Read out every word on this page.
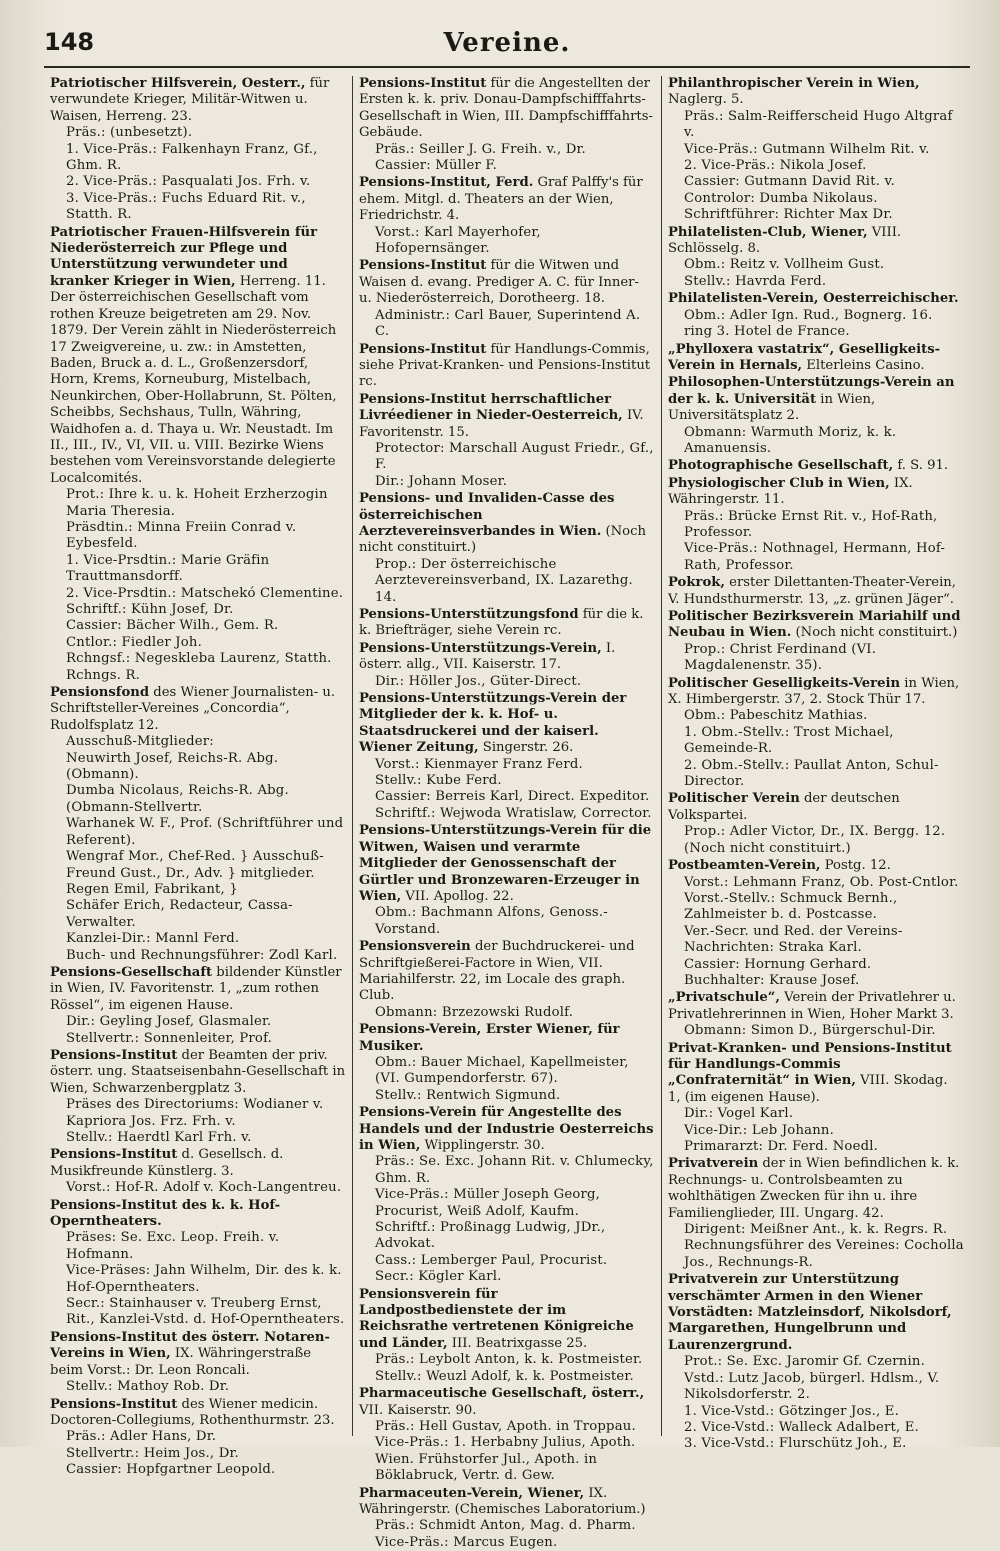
148	Vereine.
Patriotischer Hilfsverein, Oesterr., für verwundete Krieger, Militär-Witwen u. Waisen, Herreng. 23.
Präs.: (unbesetzt).
1. Vice-Präs.: Falkenhayn Franz, Gf., Ghm. R.
2. Vice-Präs.: Pasqualati Jos. Frh. v.
3. Vice-Präs.: Fuchs Eduard Rit. v., Statth. R.
Patriotischer Frauen-Hilfsverein für Niederösterreich zur Pflege und Unterstützung verwundeter und kranker Krieger in Wien, Herreng. 11. Der österreichischen Gesellschaft vom rothen Kreuze beigetreten am 29. Nov. 1879. Der Verein zählt in Niederösterreich 17 Zweigvereine, u. zw.: in Amstetten, Baden, Bruck a. d. L., Großenzersdorf, Horn, Krems, Korneuburg, Mistelbach, Neunkirchen, Ober-Hollabrunn, St. Pölten, Scheibbs, Sechshaus, Tulln, Währing, Waidhofen a. d. Thaya u. Wr. Neustadt. Im II., III., IV., VI, VII. u. VIII. Bezirke Wiens bestehen vom Vereinsvorstande delegierte Localcomités.
Prot.: Ihre k. u. k. Hoheit Erzherzogin Maria Theresia.
Präsdtin.: Minna Freiin Conrad v. Eybesfeld.
1. Vice-Prsdtin.: Marie Gräfin Trauttmansdorff.
2. Vice-Prsdtin.: Matschekó Clementine.
Schriftf.: Kühn Josef, Dr.
Cassier: Bächer Wilh., Gem. R.
Cntlor.: Fiedler Joh.
Rchngsf.: Negeskleba Laurenz, Statth. Rchngs. R.
Pensionsfond des Wiener Journalisten- u. Schriftsteller-Vereines „Concordia“, Rudolfsplatz 12.
Ausschuß-Mitglieder:
Neuwirth Josef, Reichs-R. Abg. (Obmann).
Dumba Nicolaus, Reichs-R. Abg. (Obmann-Stellvertr.
Warhanek W. F., Prof. (Schriftführer und Referent).
Wengraf Mor., Chef-Red. } Ausschuß-
Freund Gust., Dr., Adv. } mitglieder.
Regen Emil, Fabrikant, }
Schäfer Erich, Redacteur, Cassa-Verwalter.
Kanzlei-Dir.: Mannl Ferd.
Buch- und Rechnungsführer: Zodl Karl.
Pensions-Gesellschaft bildender Künstler in Wien, IV. Favoritenstr. 1, „zum rothen Rössel“, im eigenen Hause.
Dir.: Geyling Josef, Glasmaler.
Stellvertr.: Sonnenleiter, Prof.
Pensions-Institut der Beamten der priv. österr. ung. Staatseisenbahn-Gesellschaft in Wien, Schwarzenbergplatz 3.
Präses des Directoriums: Wodianer v. Kapriora Jos. Frz. Frh. v.
Stellv.: Haerdtl Karl Frh. v.
Pensions-Institut d. Gesellsch. d. Musikfreunde Künstlerg. 3.
Vorst.: Hof-R. Adolf v. Koch-Langentreu.
Pensions-Institut des k. k. Hof-Operntheaters.
Präses: Se. Exc. Leop. Freih. v. Hofmann.
Vice-Präses: Jahn Wilhelm, Dir. des k. k. Hof-Operntheaters.
Secr.: Stainhauser v. Treuberg Ernst, Rit., Kanzlei-Vstd. d. Hof-Operntheaters.
Pensions-Institut des österr. Notaren-Vereins in Wien, IX. Währingerstraße beim Vorst.: Dr. Leon Roncali.
Stellv.: Mathoy Rob. Dr.
Pensions-Institut des Wiener medicin. Doctoren-Collegiums, Rothenthurmstr. 23.
Präs.: Adler Hans, Dr.
Stellvertr.: Heim Jos., Dr.
Cassier: Hopfgartner Leopold.
Pensions-Institut für die Angestellten der Ersten k. k. priv. Donau-Dampfschifffahrts-Gesellschaft in Wien, III. Dampfschifffahrts-Gebäude.
Präs.: Seiller J. G. Freih. v., Dr.
Cassier: Müller F.
Pensions-Institut, Ferd. Graf Palffy's für ehem. Mitgl. d. Theaters an der Wien, Friedrichstr. 4.
Vorst.: Karl Mayerhofer, Hofopernsänger.
Pensions-Institut für die Witwen und Waisen d. evang. Prediger A. C. für Inner- u. Niederösterreich, Dorotheerg. 18.
Administr.: Carl Bauer, Superintend A. C.
Pensions-Institut für Handlungs-Commis, siehe Privat-Kranken- und Pensions-Institut rc.
Pensions-Institut herrschaftlicher Livréediener in Nieder-Oesterreich, IV. Favoritenstr. 15.
Protector: Marschall August Friedr., Gf., F.
Dir.: Johann Moser.
Pensions- und Invaliden-Casse des österreichischen Aerztevereinsverbandes in Wien. (Noch nicht constituirt.)
Prop.: Der österreichische Aerztevereinsverband, IX. Lazarethg. 14.
Pensions-Unterstützungsfond für die k. k. Briefträger, siehe Verein rc.
Pensions-Unterstützungs-Verein, I. österr. allg., VII. Kaiserstr. 17.
Dir.: Höller Jos., Güter-Direct.
Pensions-Unterstützungs-Verein der Mitglieder der k. k. Hof- u. Staatsdruckerei und der kaiserl. Wiener Zeitung, Singerstr. 26.
Vorst.: Kienmayer Franz Ferd.
Stellv.: Kube Ferd.
Cassier: Berreis Karl, Direct. Expeditor.
Schriftf.: Wejwoda Wratislaw, Corrector.
Pensions-Unterstützungs-Verein für die Witwen, Waisen und verarmte Mitglieder der Genossenschaft der Gürtler und Bronzewaren-Erzeuger in Wien, VII. Apollog. 22.
Obm.: Bachmann Alfons, Genoss.-Vorstand.
Pensionsverein der Buchdruckerei- und Schriftgießerei-Factore in Wien, VII. Mariahilferstr. 22, im Locale des graph. Club.
Obmann: Brzezowski Rudolf.
Pensions-Verein, Erster Wiener, für Musiker.
Obm.: Bauer Michael, Kapellmeister, (VI. Gumpendorferstr. 67).
Stellv.: Rentwich Sigmund.
Pensions-Verein für Angestellte des Handels und der Industrie Oesterreichs in Wien, Wipplingerstr. 30.
Präs.: Se. Exc. Johann Rit. v. Chlumecky, Ghm. R.
Vice-Präs.: Müller Joseph Georg, Procurist, Weiß Adolf, Kaufm.
Schriftf.: Proßinagg Ludwig, JDr., Advokat.
Cass.: Lemberger Paul, Procurist.
Secr.: Kögler Karl.
Pensionsverein für Landpostbedienstete der im Reichsrathe vertretenen Königreiche und Länder, III. Beatrixgasse 25.
Präs.: Leybolt Anton, k. k. Postmeister.
Stellv.: Weuzl Adolf, k. k. Postmeister.
Pharmaceutische Gesellschaft, österr., VII. Kaiserstr. 90.
Präs.: Hell Gustav, Apoth. in Troppau.
Vice-Präs.: 1. Herbabny Julius, Apoth. Wien. Frühstorfer Jul., Apoth. in Böklabruck, Vertr. d. Gew.
Pharmaceuten-Verein, Wiener, IX. Währingerstr. (Chemisches Laboratorium.)
Präs.: Schmidt Anton, Mag. d. Pharm.
Vice-Präs.: Marcus Eugen.
Philanthropischer Verein in Wien, Naglerg. 5.
Präs.: Salm-Reifferscheid Hugo Altgraf v.
Vice-Präs.: Gutmann Wilhelm Rit. v.
2. Vice-Präs.: Nikola Josef.
Cassier: Gutmann David Rit. v.
Controlor: Dumba Nikolaus.
Schriftführer: Richter Max Dr.
Philatelisten-Club, Wiener, VIII. Schlösselg. 8.
Obm.: Reitz v. Vollheim Gust.
Stellv.: Havrda Ferd.
Philatelisten-Verein, Oesterreichischer.
Obm.: Adler Ign. Rud., Bognerg. 16. ring 3. Hotel de France.
„Phylloxera vastatrix“, Geselligkeits-Verein in Hernals, Elterleins Casino.
Philosophen-Unterstützungs-Verein an der k. k. Universität in Wien, Universitätsplatz 2.
Obmann: Warmuth Moriz, k. k. Amanuensis.
Photographische Gesellschaft, f. S. 91.
Physiologischer Club in Wien, IX. Währingerstr. 11.
Präs.: Brücke Ernst Rit. v., Hof-Rath, Professor.
Vice-Präs.: Nothnagel, Hermann, Hof-Rath, Professor.
Pokrok, erster Dilettanten-Theater-Verein, V. Hundsthurmerstr. 13, „z. grünen Jäger“.
Politischer Bezirksverein Mariahilf und Neubau in Wien. (Noch nicht constituirt.)
Prop.: Christ Ferdinand (VI. Magdalenenstr. 35).
Politischer Geselligkeits-Verein in Wien, X. Himbergerstr. 37, 2. Stock Thür 17.
Obm.: Pabeschitz Mathias.
1. Obm.-Stellv.: Trost Michael, Gemeinde-R.
2. Obm.-Stellv.: Paullat Anton, Schul-Director.
Politischer Verein der deutschen Volkspartei.
Prop.: Adler Victor, Dr., IX. Bergg. 12. (Noch nicht constituirt.)
Postbeamten-Verein, Postg. 12.
Vorst.: Lehmann Franz, Ob. Post-Cntlor.
Vorst.-Stellv.: Schmuck Bernh., Zahlmeister b. d. Postcasse.
Ver.-Secr. und Red. der Vereins-Nachrichten: Straka Karl.
Cassier: Hornung Gerhard.
Buchhalter: Krause Josef.
„Privatschule“, Verein der Privatlehrer u. Privatlehrerinnen in Wien, Hoher Markt 3.
Obmann: Simon D., Bürgerschul-Dir.
Privat-Kranken- und Pensions-Institut für Handlungs-Commis „Confraternität“ in Wien, VIII. Skodag. 1, (im eigenen Hause).
Dir.: Vogel Karl.
Vice-Dir.: Leb Johann.
Primararzt: Dr. Ferd. Noedl.
Privatverein der in Wien befindlichen k. k. Rechnungs- u. Controlsbeamten zu wohlthätigen Zwecken für ihn u. ihre Familienglieder, III. Ungarg. 42.
Dirigent: Meißner Ant., k. k. Regrs. R.
Rechnungsführer des Vereines: Cocholla Jos., Rechnungs-R.
Privatverein zur Unterstützung verschämter Armen in den Wiener Vorstädten: Matzleinsdorf, Nikolsdorf, Margarethen, Hungelbrunn und Laurenzergrund.
Prot.: Se. Exc. Jaromir Gf. Czernin.
Vstd.: Lutz Jacob, bürgerl. Hdlsm., V. Nikolsdorferstr. 2.
1. Vice-Vstd.: Götzinger Jos., E.
2. Vice-Vstd.: Walleck Adalbert, E.
3. Vice-Vstd.: Flurschütz Joh., E.
